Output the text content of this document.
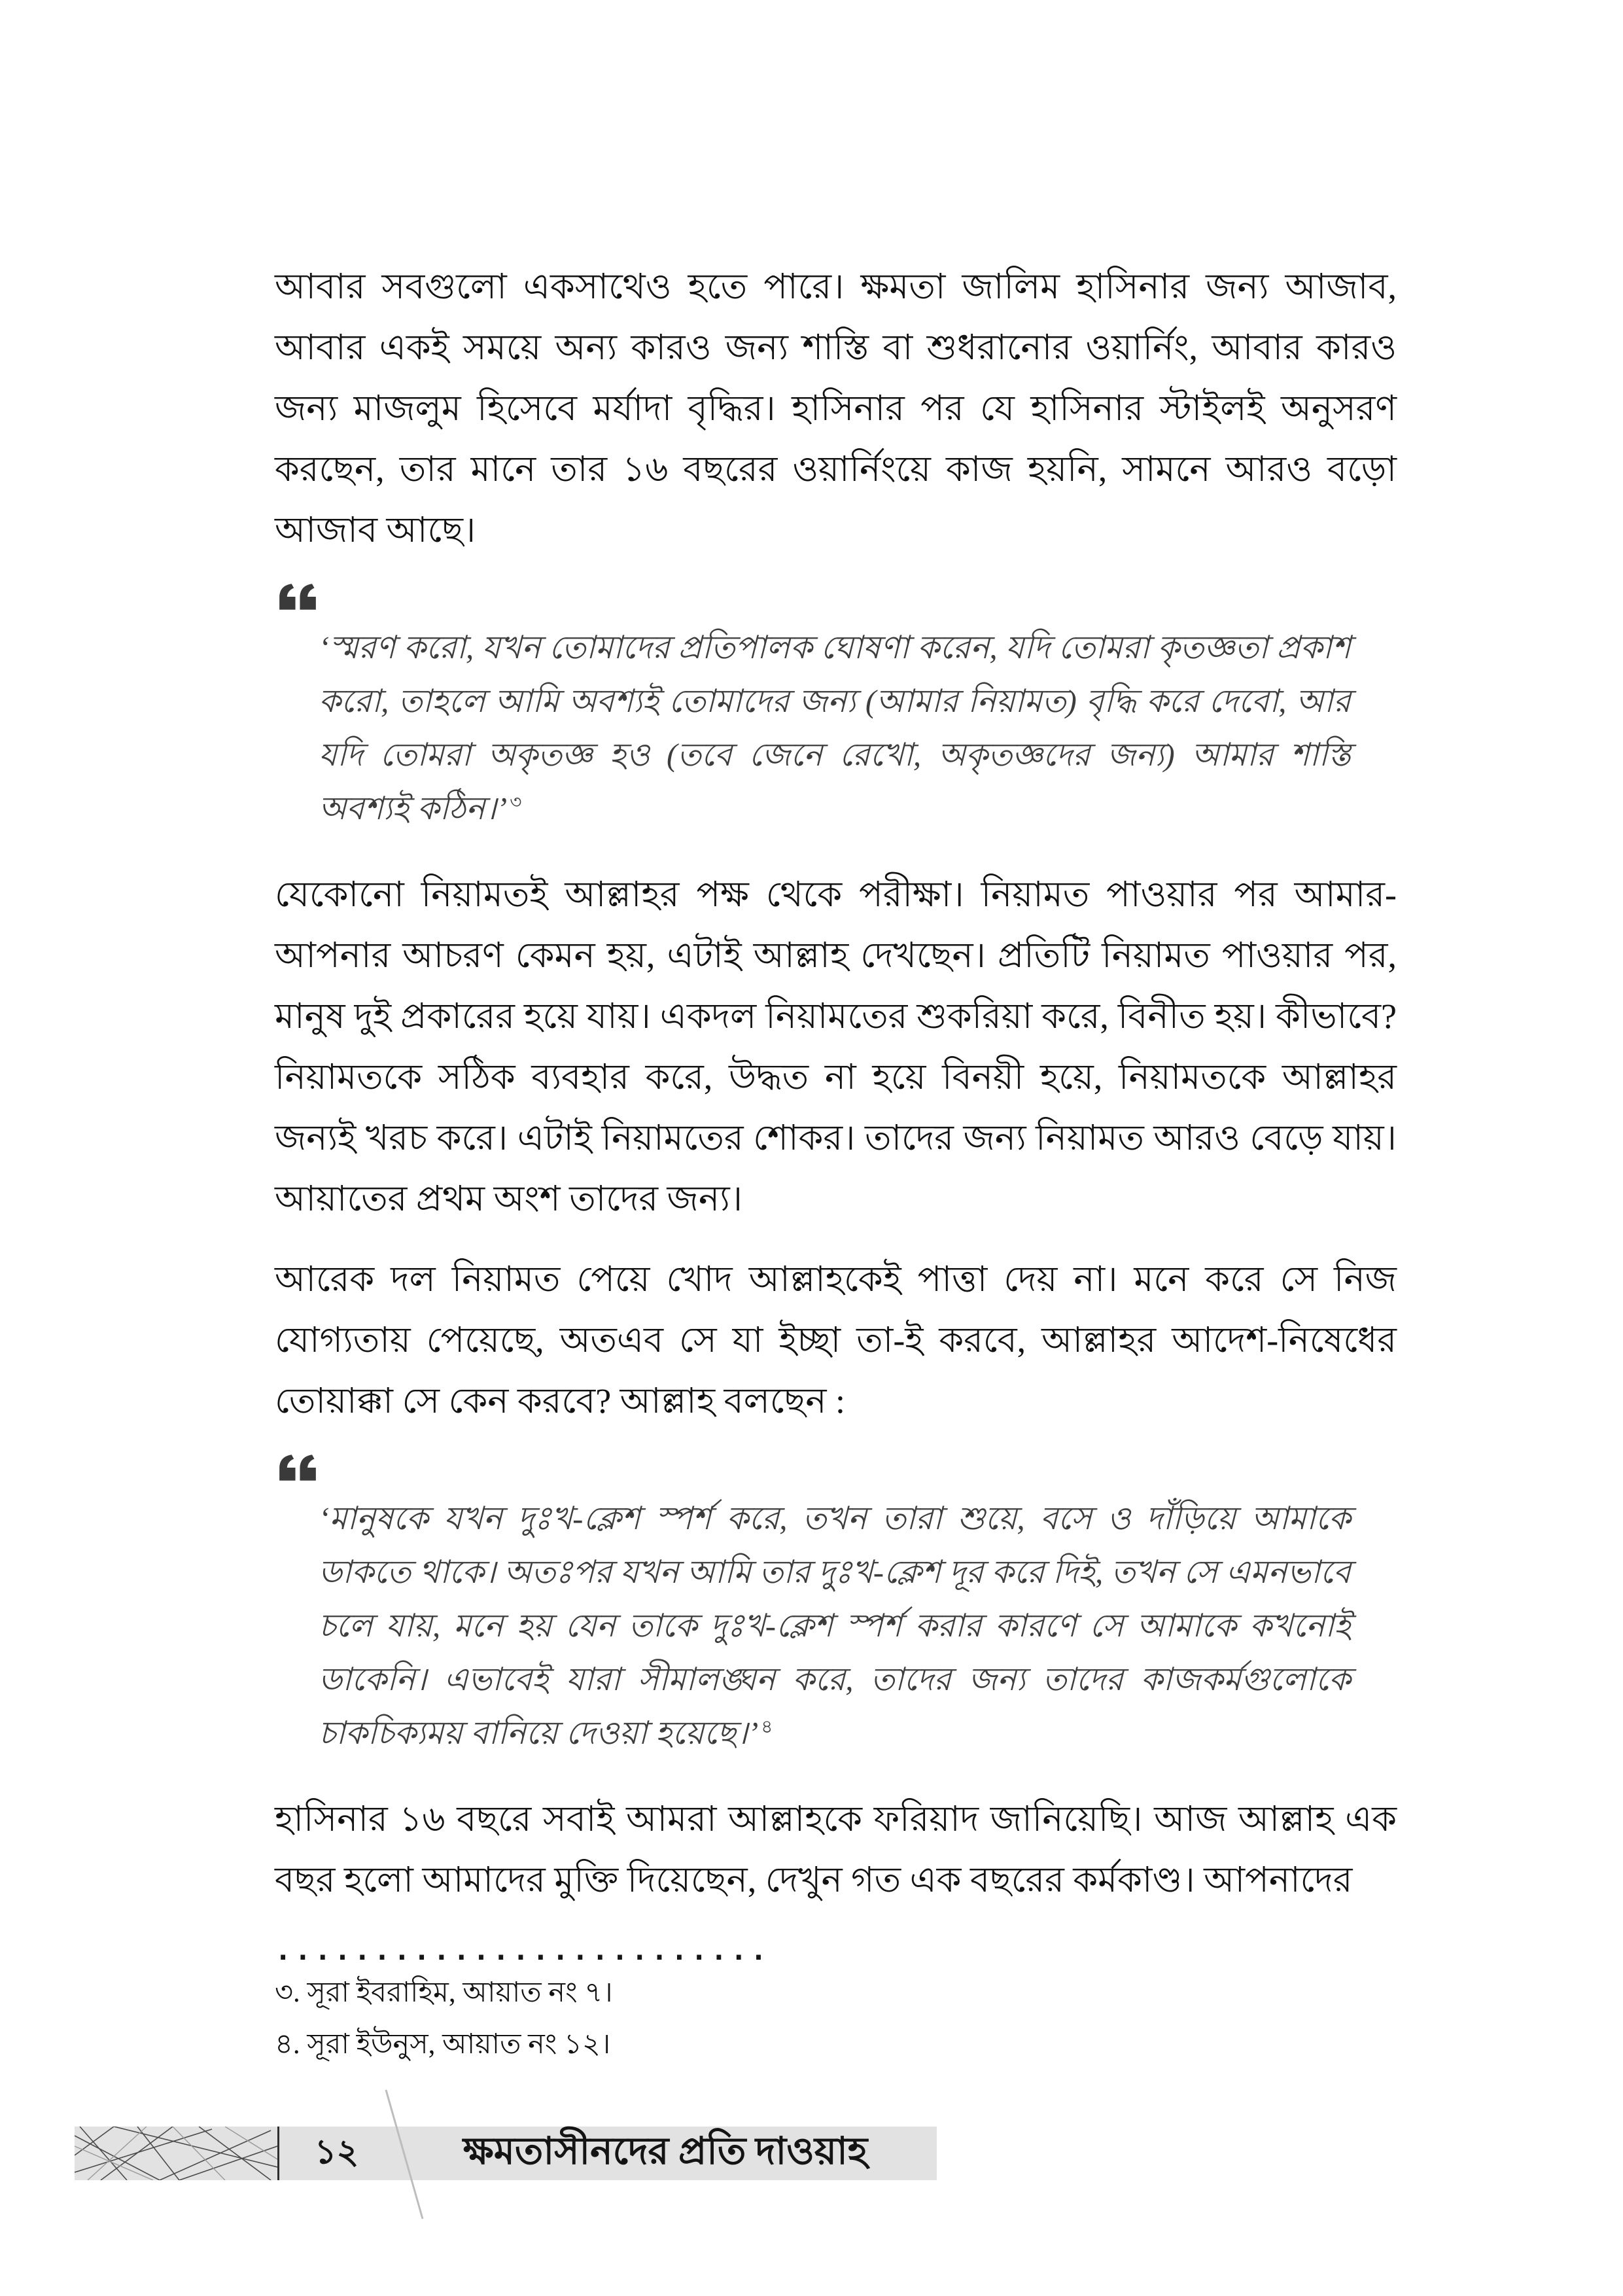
আবার সবগুলো একসাথেও হতে পারে। ক্ষমতা জালিম হাসিনার জন্য আজাব, আবার একই সময়ে অন্য কারও জন্য শাস্তি বা শুধরানোর ওয়ার্নিং, আবার কারও জন্য মাজলুম হিসেবে মর্যাদা বৃদ্ধির। হাসিনার পর যে হাসিনার স্টাইলই অনুসরণ করছেন, তার মানে তার ১৬ বছরের ওয়ার্নিংয়ে কাজ হয়নি, সামনে আরও বড়ো আজাব আছে।

‘স্মরণ করো, যখন তোমাদের প্রতিপালক ঘোষণা করেন, যদি তোমরা কৃতজ্ঞতা প্রকাশ করো, তাহলে আমি অবশ্যই তোমাদের জন্য (আমার নিয়ামত) বৃদ্ধি করে দেবো, আর যদি তোমরা অকৃতজ্ঞ হও (তবে জেনে রেখো, অকৃতজ্ঞদের জন্য) আমার শাস্তি অবশ্যই কঠিন।’ $^৩$

যেকোনো নিয়ামতই আল্লাহর পক্ষ থেকে পরীক্ষা। নিয়ামত পাওয়ার পর আমার-আপনার আচরণ কেমন হয়, এটাই আল্লাহ দেখছেন। প্রতিটি নিয়ামত পাওয়ার পর, মানুষ দুই প্রকারের হয়ে যায়। একদল নিয়ামতের শুকরিয়া করে, বিনীত হয়। কীভাবে? নিয়ামতকে সঠিক ব্যবহার করে, উদ্ধত না হয়ে বিনয়ী হয়ে, নিয়ামতকে আল্লাহর জন্যই খরচ করে। এটাই নিয়ামতের শোকর। তাদের জন্য নিয়ামত আরও বেড়ে যায়। আয়াতের প্রথম অংশ তাদের জন্য।

আরেক দল নিয়ামত পেয়ে খোদ আল্লাহকেই পাত্তা দেয় না। মনে করে সে নিজ যোগ্যতায় পেয়েছে, অতএব সে যা ইচ্ছা তা-ই করবে, আল্লাহর আদেশ-নিষেধের তোয়াক্কা সে কেন করবে? আল্লাহ বলছেন :

‘মানুষকে যখন দুঃখ-ক্লেশ স্পর্শ করে, তখন তারা শুয়ে, বসে ও দাঁড়িয়ে আমাকে ডাকতে থাকে। অতঃপর যখন আমি তার দুঃখ-ক্লেশ দূর করে দিই, তখন সে এমনভাবে চলে যায়, মনে হয় যেন তাকে দুঃখ-ক্লেশ স্পর্শ করার কারণে সে আমাকে কখনোই ডাকেনি। এভাবেই যারা সীমালঙ্ঘন করে, তাদের জন্য তাদের কাজকর্মগুলোকে চাকচিক্যময় বানিয়ে দেওয়া হয়েছে।’ $^৪$

হাসিনার ১৬ বছরে সবাই আমরা আল্লাহকে ফরিয়াদ জানিয়েছি। আজ আল্লাহ এক বছর হলো আমাদের মুক্তি দিয়েছেন, দেখুন গত এক বছরের কর্মকাণ্ড। আপনাদের

.........................

৩. সূরা ইবরাহিম, আয়াত নং ৭।

৪. সূরা ইউনুস, আয়াত নং ১২।

১২	ক্ষমতাসীনদের প্রতি দাওয়াহ
